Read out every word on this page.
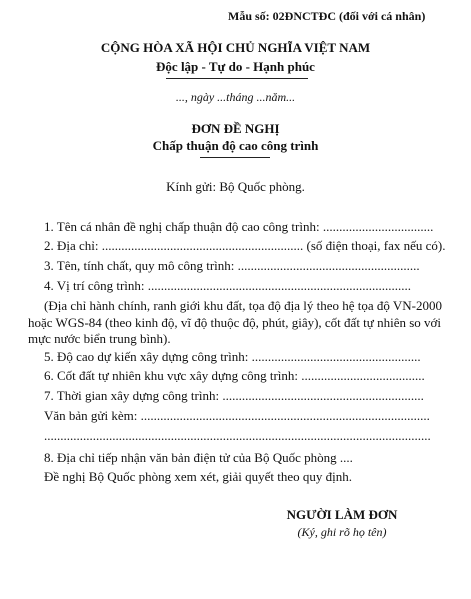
Mẫu số: 02ĐNCTĐC (đối với cá nhân)
CỘNG HÒA XÃ HỘI CHỦ NGHĨA VIỆT NAM
Độc lập - Tự do - Hạnh phúc
..., ngày ...tháng ...năm...
ĐƠN ĐỀ NGHỊ
Chấp thuận độ cao công trình
Kính gửi: Bộ Quốc phòng.
1. Tên cá nhân đề nghị chấp thuận độ cao công trình: ..................................
2. Địa chỉ: .............................................................. (số điện thoại, fax nếu có).
3. Tên, tính chất, quy mô công trình: ........................................................
4. Vị trí công trình: .................................................................................
(Địa chỉ hành chính, ranh giới khu đất, tọa độ địa lý theo hệ tọa độ VN-2000
hoặc WGS-84 (theo kinh độ, vĩ độ thuộc độ, phút, giây), cốt đất tự nhiên so với
mực nước biển trung bình).
5. Độ cao dự kiến xây dựng công trình: ....................................................
6. Cốt đất tự nhiên khu vực xây dựng công trình: ......................................
7. Thời gian xây dựng công trình: ..............................................................
Văn bản gửi kèm: .........................................................................................
.......................................................................................................................
8. Địa chỉ tiếp nhận văn bản điện tử của Bộ Quốc phòng ....
Đề nghị Bộ Quốc phòng xem xét, giải quyết theo quy định.
NGƯỜI LÀM ĐƠN
(Ký, ghi rõ họ tên)
